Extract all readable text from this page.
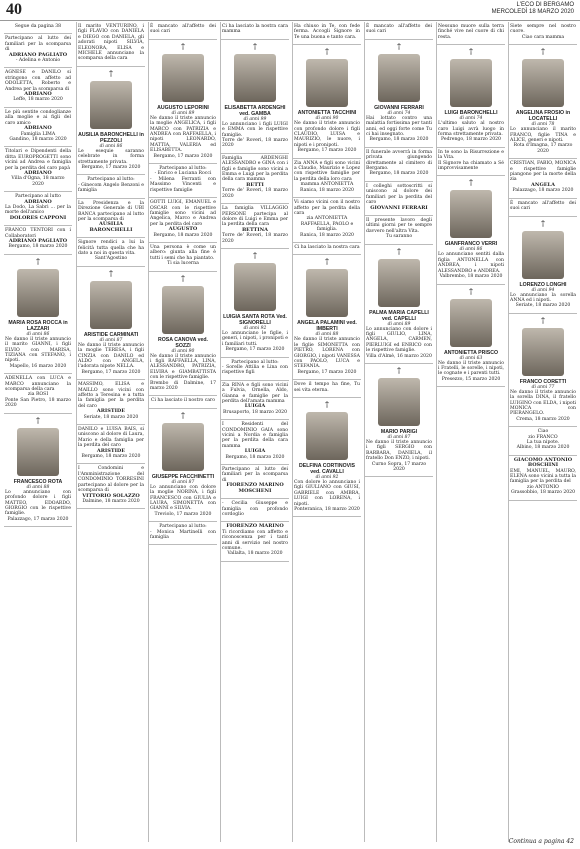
40	L'ECO DI BERGAMO
MERCOLEDÌ 18 MARZO 2020

Segue da pagina 38

Partecipano al lutto dei familiari per la scomparsa di

ADRIANO PAGLIATO

- Adelina e Antonio

AGNESE e DANILO si stringono con affetto ad ODOLETTA, Roberto e Andrea per la scomparsa di

ADRIANO

Leffe, 18 marzo 2020

Le più sentite condoglianze alla moglie e ai figli del caro amico

ADRIANO

Famiglia LIMA

Gandino, 18 marzo 2020

Titolari e Dipendenti della ditta EUROPROGETTI sono vicini ad Andrea e famiglia per la perdita del caro papà

ADRIANO

Villa d'Ogna, 18 marzo 2020

Partecipano al lutto

ADRIANO

La Dodo, La Sabri ... per la morte dell'amico

DOLORES CAPPONI

FRANCO TENTORI con i Collaboratori

ADRIANO PAGLIATO

Bergamo, 18 marzo 2020

†
MARIA ROSA ROCCA in LAZZARI
di anni 86

Ne danno il triste annuncio il marito GIANNI, i figli ELVIO con MARISA, TIZIANA con STEFANO, i nipoti.

Mapello, 16 marzo 2020

ADENELLA con LUCA e MARCO annunciano la scomparsa della cara

zia ROSI

Ponte San Pietro, 18 marzo 2020

†
FRANCESCO ROTA
di anni 88

Lo annunciano con profondo dolore i figli MATTEO, EDOARDO, GIORGIO con le rispettive famiglie.

Palazzago, 17 marzo 2020

Il marito VENTURINO, i figli FLAVIO con DANIELA e DIEGO con DANIELA, gli adorati nipoti SILVIA, ELEONORA, ELISA e MICHELE annunciano la scomparsa della cara

†
AUSILIA BARONCHELLI in PEZZOLI
di anni 86

Le esequie saranno celebrate in forma strettamente privata.

Bergamo, 17 marzo 2020

Partecipano al lutto:

- Ginecom Angelo Benzoni e famiglia

La Presidenza e la Direzione Generale di UBI BANCA partecipano al lutto per la scomparsa di

AUSILIA BARONCHELLI

Signore rendici a lui la felicità tutta quella che ha dato a noi in questa vita.

Sant'Agostino

†
ARISTIDE CARMINATI
di anni 87

Ne danno il triste annuncio la moglie TERESA, i figli CINZIA con DANILO ed ALDO con ANGELA, l'adorata nipote NELLA.

Bergamo, 17 marzo 2020

MASSIMO, ELISA e MAILLO sono vicini con affetto a Teresina e a tutta la famiglia per la perdita del caro

ARISTIDE

Seriate, 18 marzo 2020

DANILO e LUISA BAIS, si uniscono al dolore di Laura, Mario e della famiglia per la perdita del caro

ARISTIDE

Bergamo, 18 marzo 2020

I Condomini e l'Amministrazione del CONDOMINIO TORRESINI partecipano al dolore per la scomparsa di

VITTORIO SOLAZZO

Dalmine, 18 marzo 2020

È mancato all'affetto dei suoi cari

†
AUGUSTO LEPORINI
di anni 89

Ne danno il triste annuncio la moglie ANGELICA, i figli MARCO con PATRIZIA e ANDREA con RAFFAELLA, i nipoti LEONARDO, MATTIA, VALERIA ed ELISABETTA.

Bergamo, 17 marzo 2020

Partecipano al lutto:

- Enrico e Luciana Rocci

- Milena Ferranti con Massimo Vincenti e rispettive famiglie

GOTTI LUIGI, EMANUEL e OSCAR con le rispettive famiglie sono vicini ad Angelica, Marco e Andrea per la perdita del caro

AUGUSTO

Bergamo, 18 marzo 2020

Una persona è come un albero: giunta alla fine è tutti i semi che ha piantato.

Ti sia lucerna

†
ROSA CANOVA ved. SOZZI
di anni 90

Ne danno il triste annuncio i figli RAFFAELLA, LINA, ALESSANDRO, PATRIZIA, ELVIRA e GIAMBATTISTA con le rispettive famiglie.

Brembo di Dalmine, 17 marzo 2020

Ci ha lasciato il nostro caro

†
GIUSEPPE FACCHINETTI
di anni 87

Lo annunciano con dolore la moglie NORINA, i figli FRANCESCO con GIULIA e LAURA, SIMONETTA con GIANNI e SILVIA.

Treviolo, 17 marzo 2020

Partecipano al lutto:

- Monica Martinelli con famiglia

Ci ha lasciato la nostra cara mamma

†
ELISABETTA ARDENGHI ved. GAMBA
di anni 99

Lo annunciano i figli LUIGI e EMMA con le rispettive famiglie.

Torre de' Roveri, 18 marzo 2020

Famiglia ARDENGHI ALESSANDRO e GINA con i figli e famiglie sono vicini a Emma e Luigi per la perdita della cara mamma

BETTI

Torre de' Roveri, 18 marzo 2020

La famiglia VILLAGGIO PERSONE partecipa al dolore di Luigi e Emma per la perdita della cara

BETTINA

Torre de' Roveri, 18 marzo 2020

†
LUIGIA SANTA ROTA Ved. SIGNORELLI
di anni 92

Lo annunciano le figlie, i generi, i nipoti, i pronipoti e i familiari tutti.

Bergamo, 17 marzo 2020

Partecipano al lutto:

- Sorelle Attilia e Lina con rispettive figli

Zia RINA e figli sono vicini a Fulvia, Ornella, Aldo, Gianna e famiglie per la perdita dell'amata mamma

LUIGIA

Brusaporto, 18 marzo 2020

I Residenti del CONDOMINIO GAIA sono vicini a Nordia e famiglia per la perdita della cara mamma

LUIGIA

Bergamo, 18 marzo 2020

Partecipano al lutto dei familiari per la scomparsa di

FIORENZO MARINO MOSCHENI

- Cecilia Giuseppe e famiglia con profondo cordoglio

FIORENZO MARINO

Ti ricordiamo con affetto e riconoscenza per i tanti anni di servizio nel nostro comune.

Vallalta, 18 marzo 2020

Ha chiuso in Te, con fede ferma. Accogli Signore in Te una buona e tanto cara.

†
ANTONIETTA TACCHINI
di anni 90

Ne danno il triste annuncio con profondo dolore i figli CLAUDIO, LUISA e MAURIZIO, le nuore, i nipoti e i pronipoti.

Bergamo, 17 marzo 2020

Zia ANNA e figli sono vicini a Claudio, Maurizio e Lopez con rispettive famiglie per la perdita della loro cara

mamma ANTONIETTA

Ranica, 18 marzo 2020

Vi siamo vicini con il nostro affetto per la perdita della cara

zia ANTONIETTA

RAFFAELLA, PAOLO e famiglia.

Ranica, 18 marzo 2020

Ci ha lasciato la nostra cara

†
ANGELA PALAMINI ved. IMBERTI
di anni 88

Ne danno il triste annuncio le figlie SIMONETTA con PIETRO, LORENA con GIORGIO, i nipoti VANESSA con PAOLO, LUCA e STEFANIA.

Bergamo, 17 marzo 2020

Dove il tempo ha fine, Tu sei vita eterna.

†
DELFINA CORTINOVIS ved. CAVALLI
di anni 92

Con dolore lo annunciano i figli GIULIANO con GIUSI, GABRIELE con AMBRA, LUIGI con LORENA, i nipoti.

Ponteranica, 18 marzo 2020

È mancato all'affetto dei suoi cari

†
GIOVANNI FERRARI
di anni 74

Hai lottato contro una malattia fortissima per tanti anni, ed oggi forte come Tu ci hai insegnato.

Bergamo, 18 marzo 2020

Il funerale avverrà in forma privata giungendo direttamente al cimitero di Bergamo.

Bergamo, 18 marzo 2020

I colleghi sottoscritti si uniscono al dolore dei familiari per la perdita del caro

GIOVANNI FERRARI

Il presente lavoro degli ultimi giorni per te sempre davvero nell'altra Vita.

Tu saranno

†
PALMA MARIA CAPELLI ved. CAPELLI
di anni 89

Lo annunciano con dolore i figli GIULIO, LINA, ANGELA, CARMEN, PIERLUIGI ed ENRICO con le rispettive famiglie.

Villa d'Almè, 16 marzo 2020

†
MARIO PARIGI
di anni 87

Ne danno il triste annuncio i figli SERGIO con BARBARA, DANIELA, il fratello Don ENZO, i nipoti.

Curno Sopra, 17 marzo 2020

Nessuno muore sulla terra finché vive nel cuore di chi resta.

†
LUIGI BARONCHELLI
di anni 74

L'ultimo saluto al nostro caro Luigi avrà luogo in forma strettamente privata.

Pedrengo, 18 marzo 2020

In te sono la Risurrezione e la Vita.

Il Signore ha chiamato a Sé improvvisamente

†
GIANFRANCO VERRI
di anni 86

Lo annunciano sentiti dalla figlia ANTONELLA con ANDREA, i nipoti ALESSANDRO e ANDREA.

Valbrembo, 18 marzo 2020

†
ANTONIETTA PRISCO
di anni 63

Ne danno il triste annuncio i Fratelli, le sorelle, i nipoti, le cognate e i parenti tutti.

Presezzo, 15 marzo 2020

Siete sempre nel nostro cuore.

Ciao cara mamma

†
ANGELINA FROSIO in LOCATELLI
di anni 78

Lo annunciano il marito FRANCO, figlie TINA e ALICE, generi e nipoti.

Rota d'Imagna, 17 marzo 2020

CRISTIAN, FABIO, MONICA e rispettive famiglie piangono per la morte della zia

ANGELA

Palazzago, 18 marzo 2020

È mancato all'affetto dei suoi cari

†
LORENZO LONGHI
di anni 94

Lo annunciano la sorella ANNA ed i nipoti.

Seriate, 18 marzo 2020

†
FRANCO CORETTI
di anni 77

Ne danno il triste annuncio la sorella DINA, il fratello LUIGINO con ELDA, i nipoti MONICA con PIERANGELO.

Crema, 18 marzo 2020

Ciao

zio FRANCO

La tua nipote.

Albino, 18 marzo 2020

GIACOMO ANTONIO BOSCHINI

EMI, MANUEL, MAURO, ELENA sono vicini a tutta la famiglia per la perdita del

zio ANTONIO

Grassobbio, 18 marzo 2020

Continua a pagina 42
